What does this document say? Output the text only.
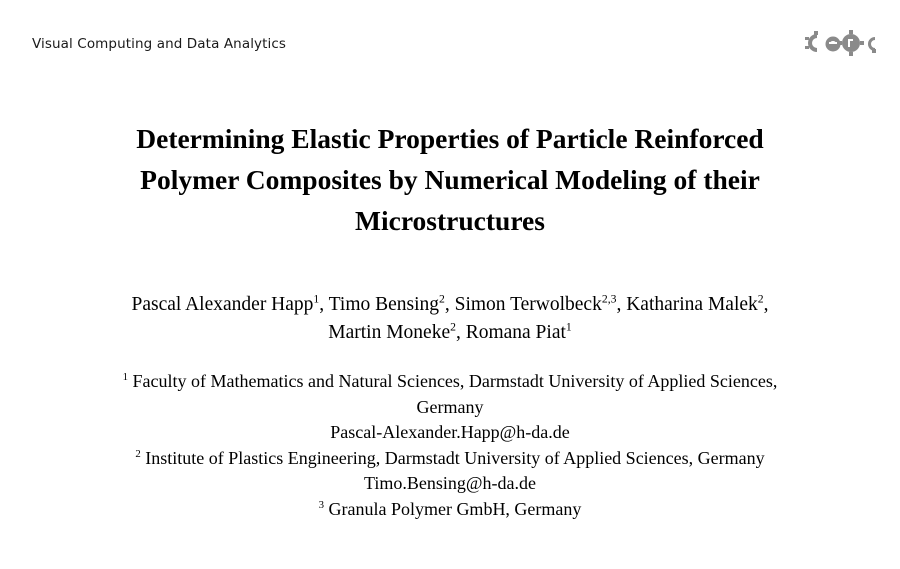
Visual Computing and Data Analytics
Determining Elastic Properties of Particle Reinforced
Polymer Composites by Numerical Modeling of their
Microstructures
Pascal Alexander Happ$^1$, Timo Bensing$^2$, Simon Terwolbeck$^{2,3}$, Katharina Malek$^2$,
Martin Moneke$^2$, Romana Piat$^1$
$^1$ Faculty of Mathematics and Natural Sciences, Darmstadt University of Applied Sciences,
Germany
Pascal-Alexander.Happ@h-da.de
$^2$ Institute of Plastics Engineering, Darmstadt University of Applied Sciences, Germany
Timo.Bensing@h-da.de
$^3$ Granula Polymer GmbH, Germany
